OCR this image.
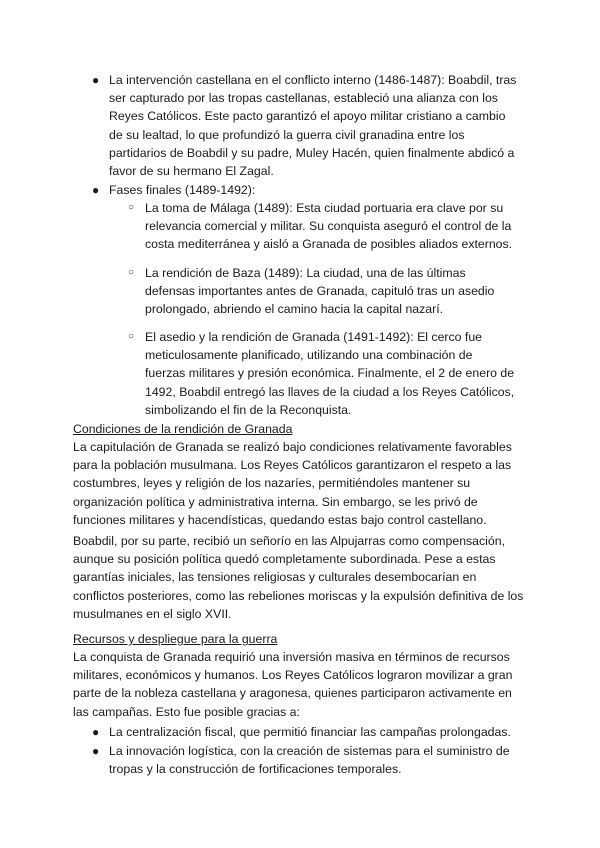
● La intervención castellana en el conflicto interno (1486-1487): Boabdil, tras ser capturado por las tropas castellanas, estableció una alianza con los Reyes Católicos. Este pacto garantizó el apoyo militar cristiano a cambio de su lealtad, lo que profundizó la guerra civil granadina entre los partidarios de Boabdil y su padre, Muley Hacén, quien finalmente abdicó a favor de su hermano El Zagal.

● Fases finales (1489-1492):

○ La toma de Málaga (1489): Esta ciudad portuaria era clave por su relevancia comercial y militar. Su conquista aseguró el control de la costa mediterránea y aisló a Granada de posibles aliados externos.

○ La rendición de Baza (1489): La ciudad, una de las últimas defensas importantes antes de Granada, capituló tras un asedio prolongado, abriendo el camino hacia la capital nazarí.

○ El asedio y la rendición de Granada (1491-1492): El cerco fue meticulosamente planificado, utilizando una combinación de fuerzas militares y presión económica. Finalmente, el 2 de enero de 1492, Boabdil entregó las llaves de la ciudad a los Reyes Católicos, simbolizando el fin de la Reconquista.

Condiciones de la rendición de Granada

La capitulación de Granada se realizó bajo condiciones relativamente favorables para la población musulmana. Los Reyes Católicos garantizaron el respeto a las costumbres, leyes y religión de los nazaríes, permitiéndoles mantener su organización política y administrativa interna. Sin embargo, se les privó de funciones militares y hacendísticas, quedando estas bajo control castellano.

Boabdil, por su parte, recibió un señorío en las Alpujarras como compensación, aunque su posición política quedó completamente subordinada. Pese a estas garantías iniciales, las tensiones religiosas y culturales desembocarían en conflictos posteriores, como las rebeliones moriscas y la expulsión definitiva de los musulmanes en el siglo XVII.

Recursos y despliegue para la guerra

La conquista de Granada requirió una inversión masiva en términos de recursos militares, económicos y humanos. Los Reyes Católicos lograron movilizar a gran parte de la nobleza castellana y aragonesa, quienes participaron activamente en las campañas. Esto fue posible gracias a:

● La centralización fiscal, que permitió financiar las campañas prolongadas.

● La innovación logística, con la creación de sistemas para el suministro de tropas y la construcción de fortificaciones temporales.
